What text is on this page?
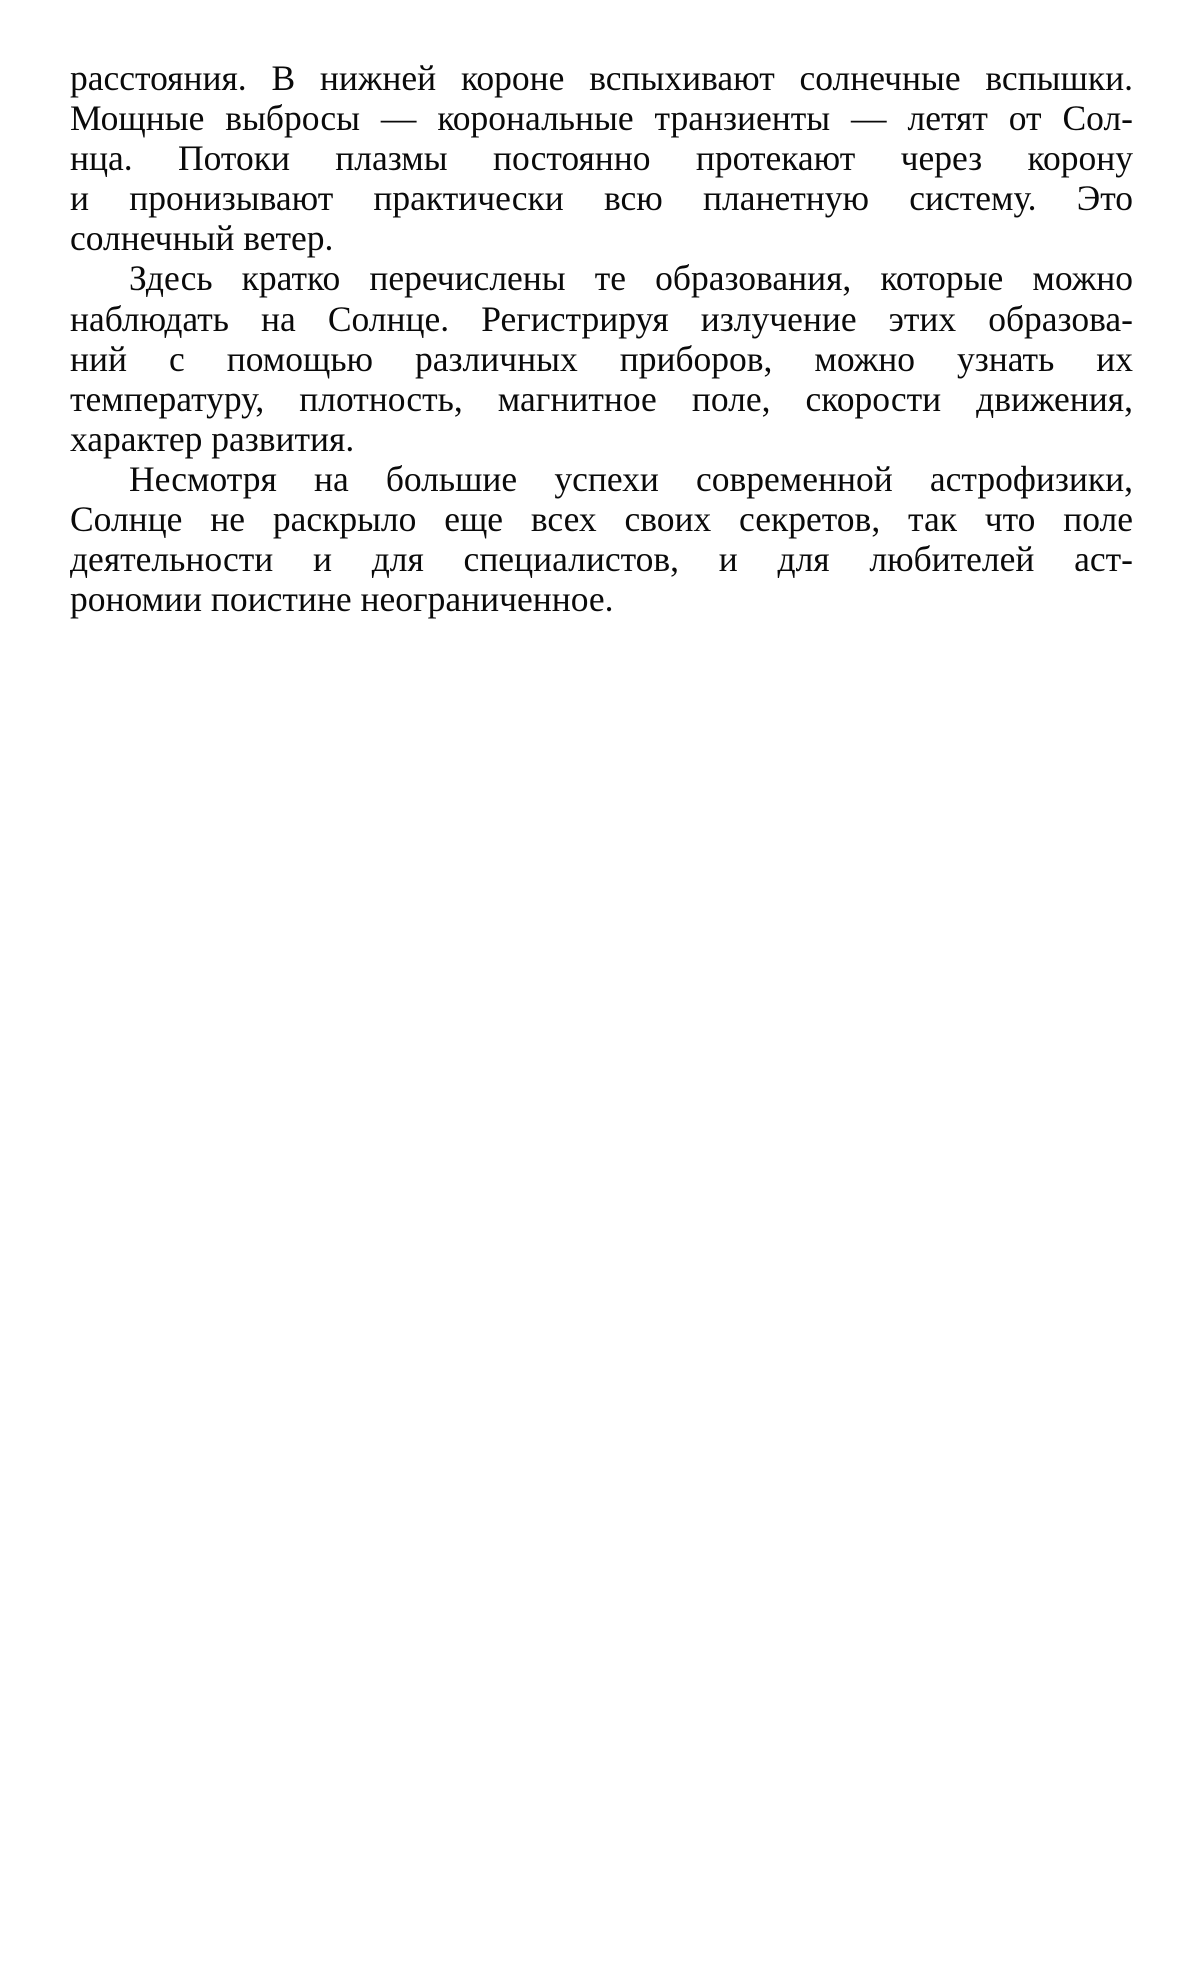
расстояния. В нижней короне вспыхивают солнечные вспышки.
Мощные выбросы — корональные транзиенты — летят от Сол-
нца. Потоки плазмы постоянно протекают через корону
и пронизывают практически всю планетную систему. Это
солнечный ветер.
Здесь кратко перечислены те образования, которые можно
наблюдать на Солнце. Регистрируя излучение этих образова-
ний с помощью различных приборов, можно узнать их
температуру, плотность, магнитное поле, скорости движения,
характер развития.
Несмотря на большие успехи современной астрофизики,
Солнце не раскрыло еще всех своих секретов, так что поле
деятельности и для специалистов, и для любителей аст-
рономии поистине неограниченное.
